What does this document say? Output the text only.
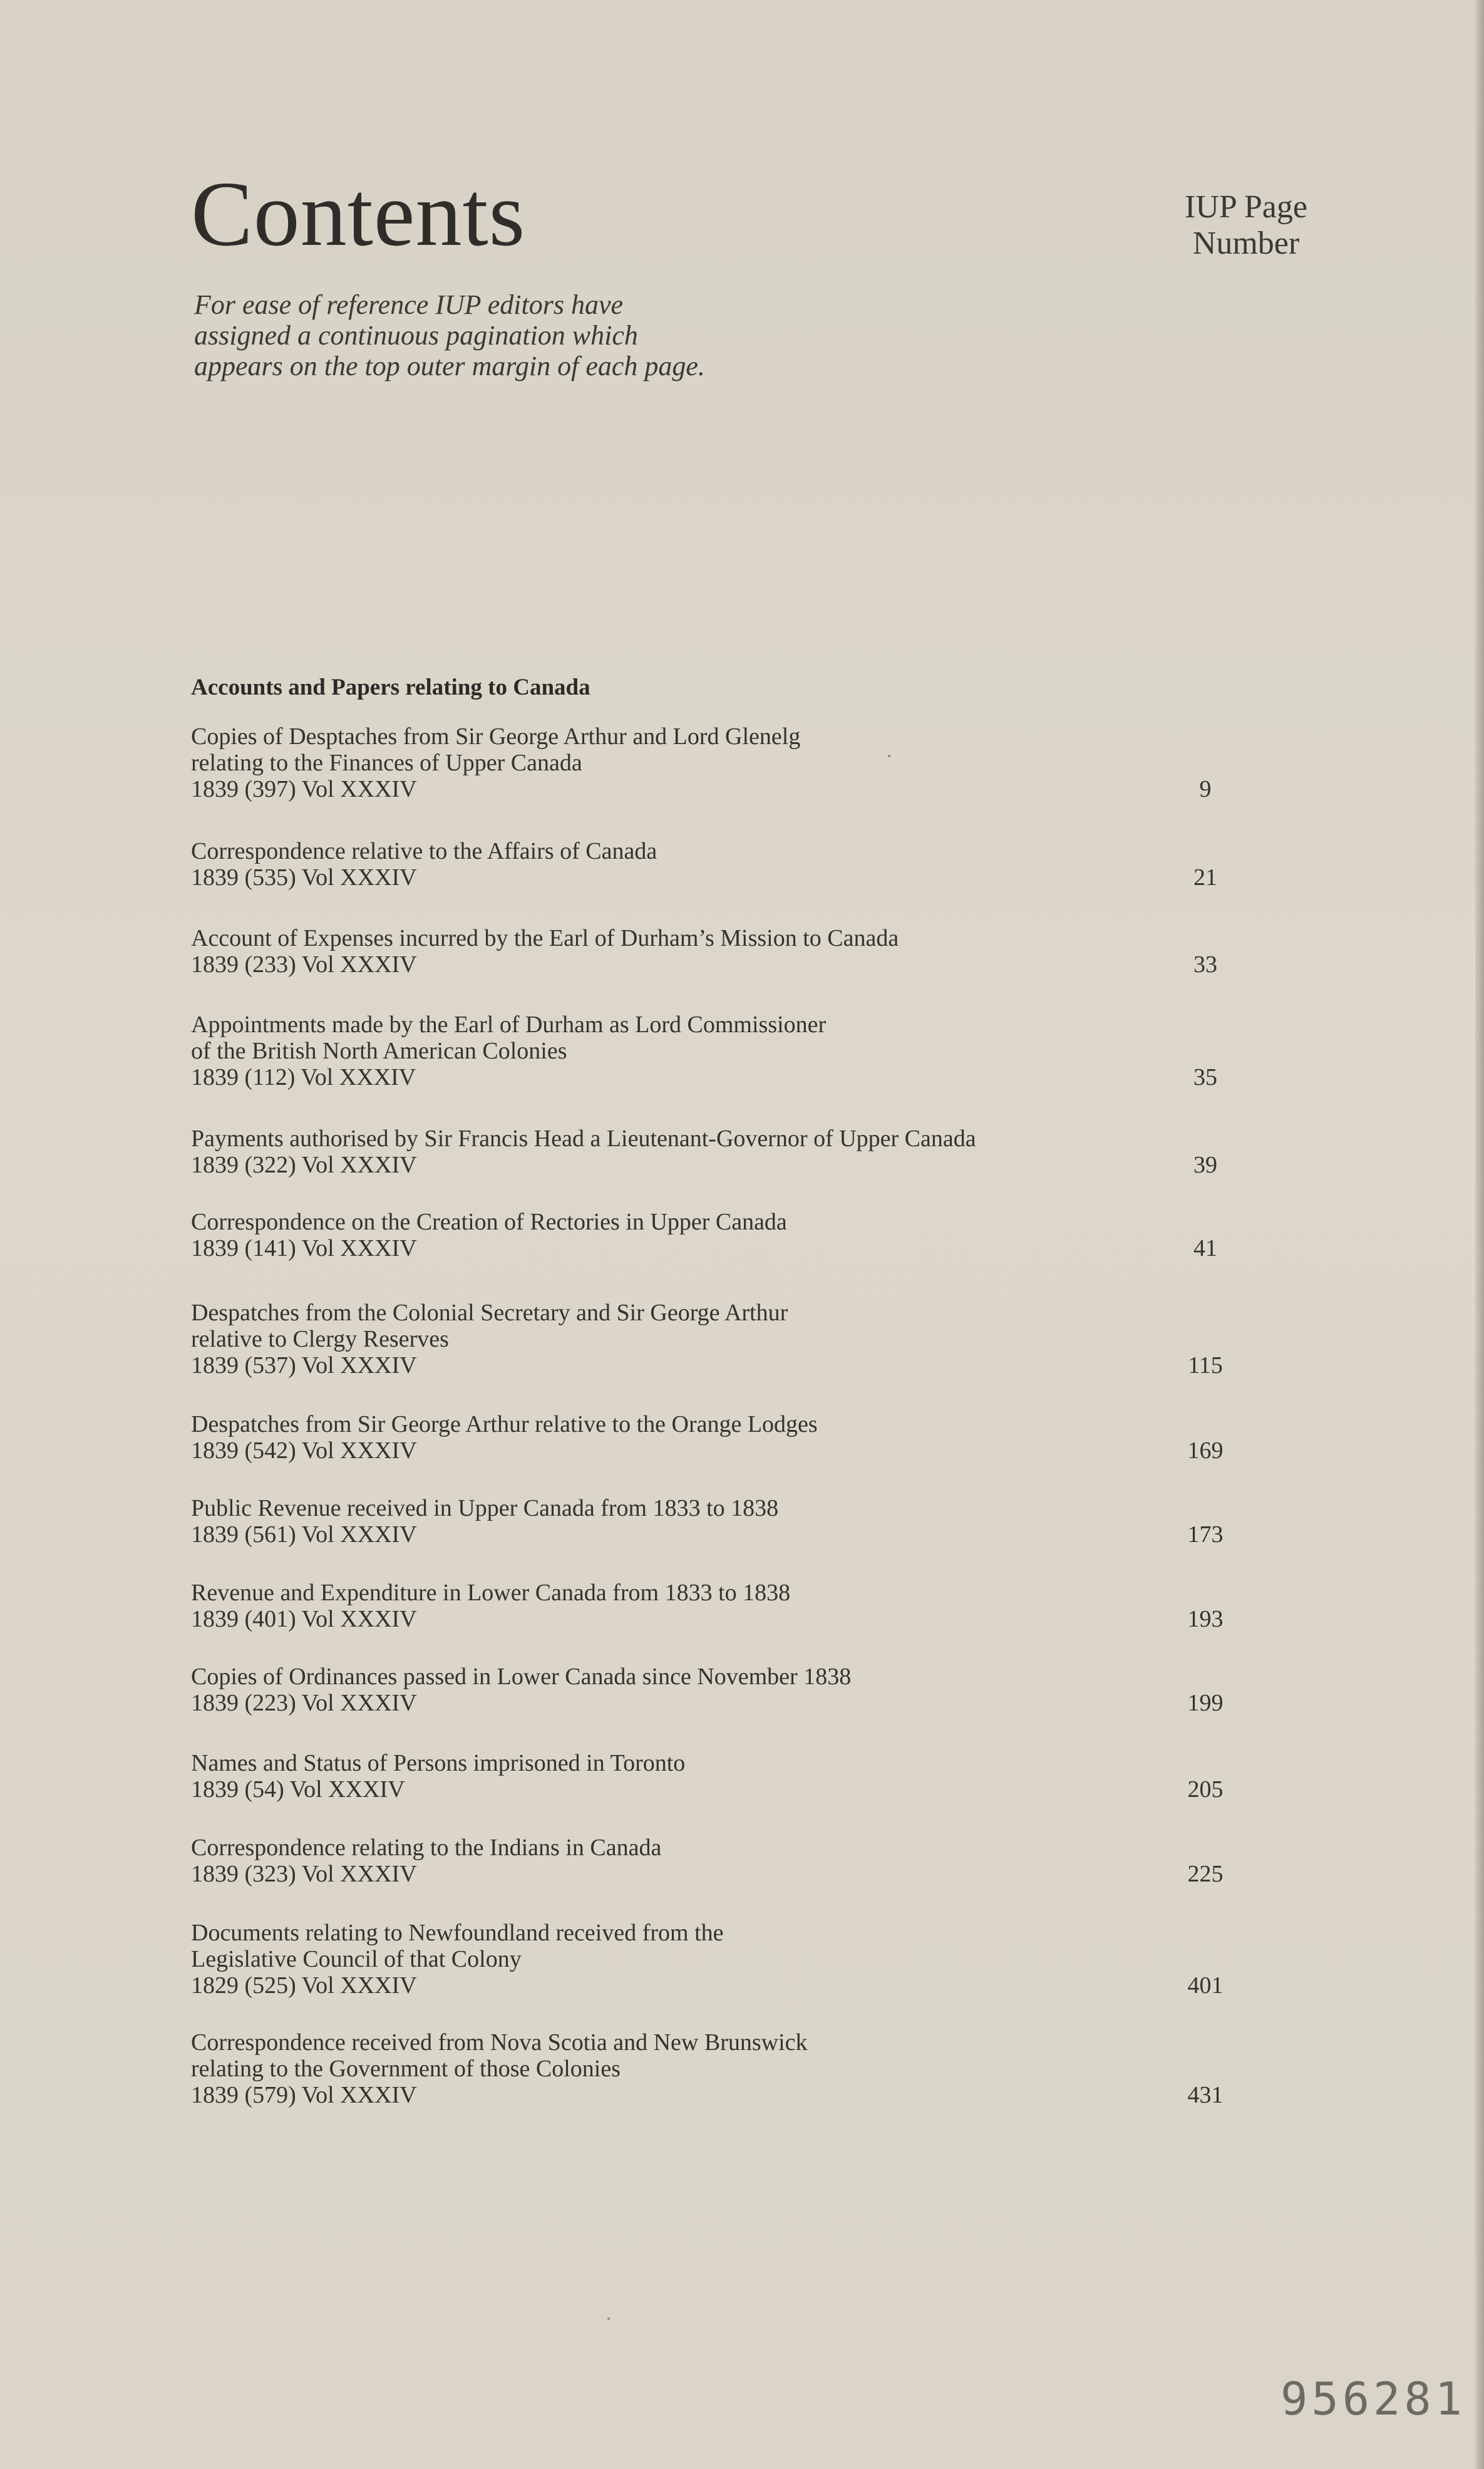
Contents	IUP Page
Number
For ease of reference IUP editors have
assigned a continuous pagination which
appears on the top outer margin of each page.
Accounts and Papers relating to Canada
Copies of Desptaches from Sir George Arthur and Lord Glenelg
relating to the Finances of Upper Canada
1839 (397) Vol XXXIV	9
Correspondence relative to the Affairs of Canada
1839 (535) Vol XXXIV	21
Account of Expenses incurred by the Earl of Durham’s Mission to Canada
1839 (233) Vol XXXIV	33
Appointments made by the Earl of Durham as Lord Commissioner
of the British North American Colonies
1839 (112) Vol XXXIV	35
Payments authorised by Sir Francis Head a Lieutenant-Governor of Upper Canada
1839 (322) Vol XXXIV	39
Correspondence on the Creation of Rectories in Upper Canada
1839 (141) Vol XXXIV	41
Despatches from the Colonial Secretary and Sir George Arthur
relative to Clergy Reserves
1839 (537) Vol XXXIV	115
Despatches from Sir George Arthur relative to the Orange Lodges
1839 (542) Vol XXXIV	169
Public Revenue received in Upper Canada from 1833 to 1838
1839 (561) Vol XXXIV	173
Revenue and Expenditure in Lower Canada from 1833 to 1838
1839 (401) Vol XXXIV	193
Copies of Ordinances passed in Lower Canada since November 1838
1839 (223) Vol XXXIV	199
Names and Status of Persons imprisoned in Toronto
1839 (54) Vol XXXIV	205
Correspondence relating to the Indians in Canada
1839 (323) Vol XXXIV	225
Documents relating to Newfoundland received from the
Legislative Council of that Colony
1829 (525) Vol XXXIV	401
Correspondence received from Nova Scotia and New Brunswick
relating to the Government of those Colonies
1839 (579) Vol XXXIV	431
956281
